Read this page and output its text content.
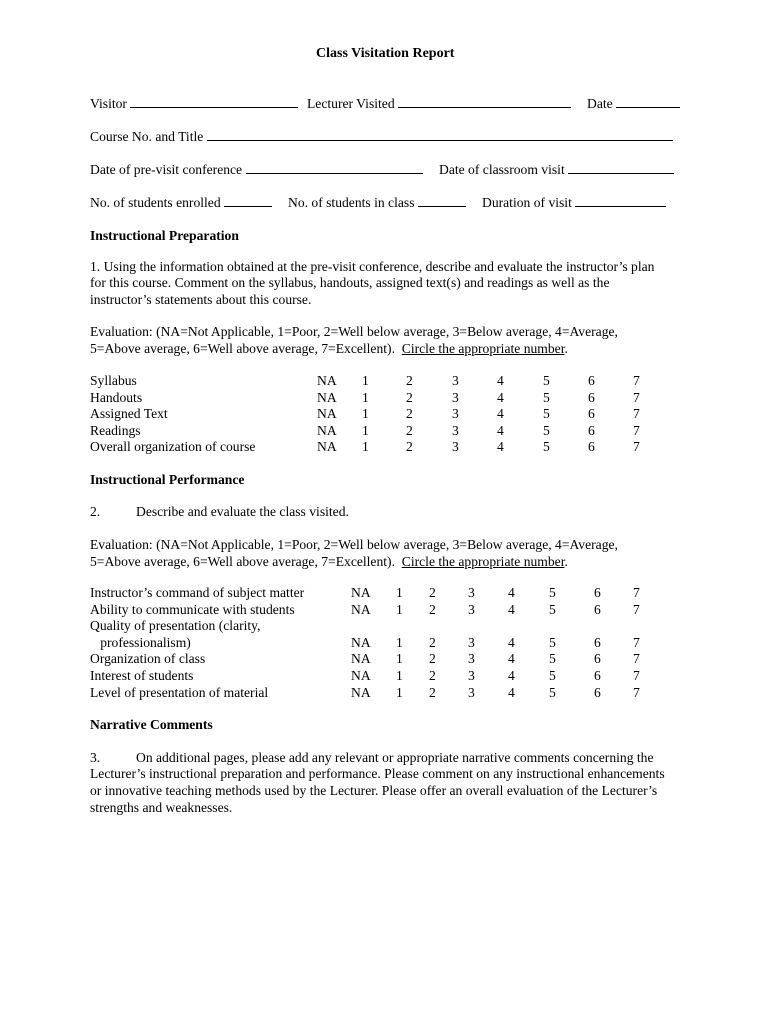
Class Visitation Report
Visitor	Lecturer Visited	Date
Course No. and Title
Date of pre-visit conference	Date of classroom visit
No. of students enrolled	No. of students in class	Duration of visit
Instructional Preparation
1. Using the information obtained at the pre-visit conference, describe and evaluate the instructor’s plan
for this course. Comment on the syllabus, handouts, assigned text(s) and readings as well as the
instructor’s statements about this course.
Evaluation: (NA=Not Applicable, 1=Poor, 2=Well below average, 3=Below average, 4=Average,
5=Above average, 6=Well above average, 7=Excellent).  Circle the appropriate number.
Syllabus	NA 1	2	3	4	5	6	7
Handouts	NA 1	2	3	4	5	6	7
Assigned Text	NA 1	2	3	4	5	6	7
Readings	NA 1	2	3	4	5	6	7
Overall organization of course	NA 1	2	3	4	5	6	7
Instructional Performance
2.	Describe and evaluate the class visited.
Evaluation: (NA=Not Applicable, 1=Poor, 2=Well below average, 3=Below average, 4=Average,
5=Above average, 6=Well above average, 7=Excellent).  Circle the appropriate number.
Instructor’s command of subject matter	NA 1 2 3 4	5	6 7
Ability to communicate with students	NA 1 2 3 4	5	6 7
Quality of presentation (clarity,
professionalism)	NA 1 2 3 4	5	6 7
Organization of class	NA 1 2 3 4	5	6 7
Interest of students	NA 1 2 3 4	5	6 7
Level of presentation of material	NA 1 2 3 4	5	6 7
Narrative Comments
3.	On additional pages, please add any relevant or appropriate narrative comments concerning the
Lecturer’s instructional preparation and performance. Please comment on any instructional enhancements
or innovative teaching methods used by the Lecturer. Please offer an overall evaluation of the Lecturer’s
strengths and weaknesses.
